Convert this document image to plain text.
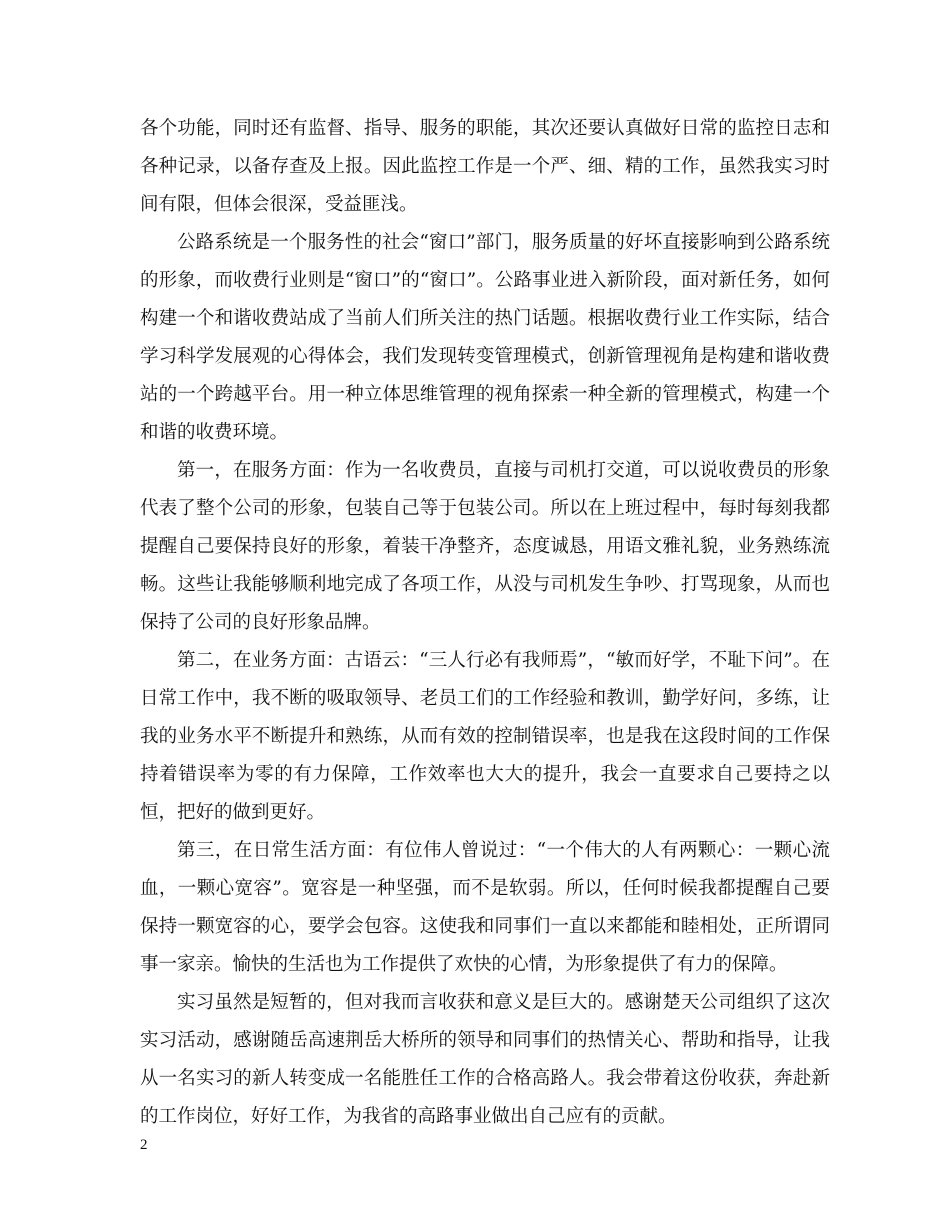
各个功能，同时还有监督、指导、服务的职能，其次还要认真做好日常的监控日志和各种记录，以备存查及上报。因此监控工作是一个严、细、精的工作，虽然我实习时间有限，但体会很深，受益匪浅。

公路系统是一个服务性的社会“窗口”部门，服务质量的好坏直接影响到公路系统的形象，而收费行业则是“窗口”的“窗口”。公路事业进入新阶段，面对新任务，如何构建一个和谐收费站成了当前人们所关注的热门话题。根据收费行业工作实际，结合学习科学发展观的心得体会，我们发现转变管理模式，创新管理视角是构建和谐收费站的一个跨越平台。用一种立体思维管理的视角探索一种全新的管理模式，构建一个和谐的收费环境。

第一，在服务方面：作为一名收费员，直接与司机打交道，可以说收费员的形象代表了整个公司的形象，包装自己等于包装公司。所以在上班过程中，每时每刻我都提醒自己要保持良好的形象，着装干净整齐，态度诚恳，用语文雅礼貌，业务熟练流畅。这些让我能够顺利地完成了各项工作，从没与司机发生争吵、打骂现象，从而也保持了公司的良好形象品牌。

第二，在业务方面：古语云：“三人行必有我师焉”，“敏而好学，不耻下问”。在日常工作中，我不断的吸取领导、老员工们的工作经验和教训，勤学好问，多练，让我的业务水平不断提升和熟练，从而有效的控制错误率，也是我在这段时间的工作保持着错误率为零的有力保障，工作效率也大大的提升，我会一直要求自己要持之以恒，把好的做到更好。

第三，在日常生活方面：有位伟人曾说过：“一个伟大的人有两颗心：一颗心流血，一颗心宽容”。宽容是一种坚强，而不是软弱。所以，任何时候我都提醒自己要保持一颗宽容的心，要学会包容。这使我和同事们一直以来都能和睦相处，正所谓同事一家亲。愉快的生活也为工作提供了欢快的心情，为形象提供了有力的保障。

实习虽然是短暂的，但对我而言收获和意义是巨大的。感谢楚天公司组织了这次实习活动，感谢随岳高速荆岳大桥所的领导和同事们的热情关心、帮助和指导，让我从一名实习的新人转变成一名能胜任工作的合格高路人。我会带着这份收获，奔赴新的工作岗位，好好工作，为我省的高路事业做出自己应有的贡献。

2
